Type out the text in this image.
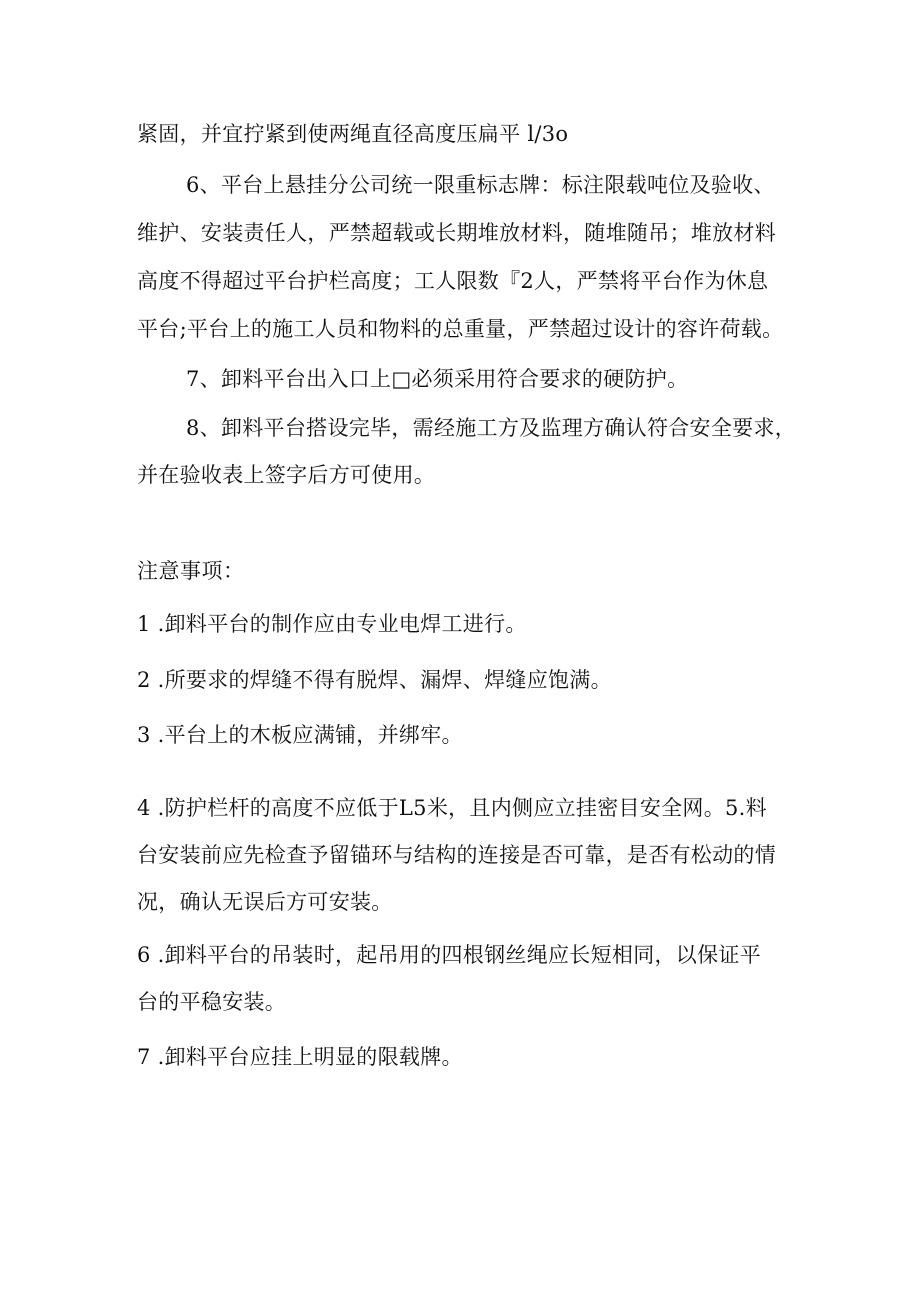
紧固，并宜拧紧到使两绳直径高度压扁平 l/3o
6、平台上悬挂分公司统一限重标志牌：标注限载吨位及验收、
维护、安装责任人，严禁超载或长期堆放材料，随堆随吊；堆放材料
高度不得超过平台护栏高度；工人限数『2人，严禁将平台作为休息
平台;平台上的施工人员和物料的总重量，严禁超过设计的容许荷载。
7、卸料平台出入口上□必须采用符合要求的硬防护。
8、卸料平台搭设完毕，需经施工方及监理方确认符合安全要求，
并在验收表上签字后方可使用。
注意事项：
1 .卸料平台的制作应由专业电焊工进行。
2 .所要求的焊缝不得有脱焊、漏焊、焊缝应饱满。
3 .平台上的木板应满铺，并绑牢。
4 .防护栏杆的高度不应低于L5米，且内侧应立挂密目安全网。5.料
台安装前应先检查予留锚环与结构的连接是否可靠，是否有松动的情
况，确认无误后方可安装。
6 .卸料平台的吊装时，起吊用的四根钢丝绳应长短相同，以保证平
台的平稳安装。
7 .卸料平台应挂上明显的限载牌。
